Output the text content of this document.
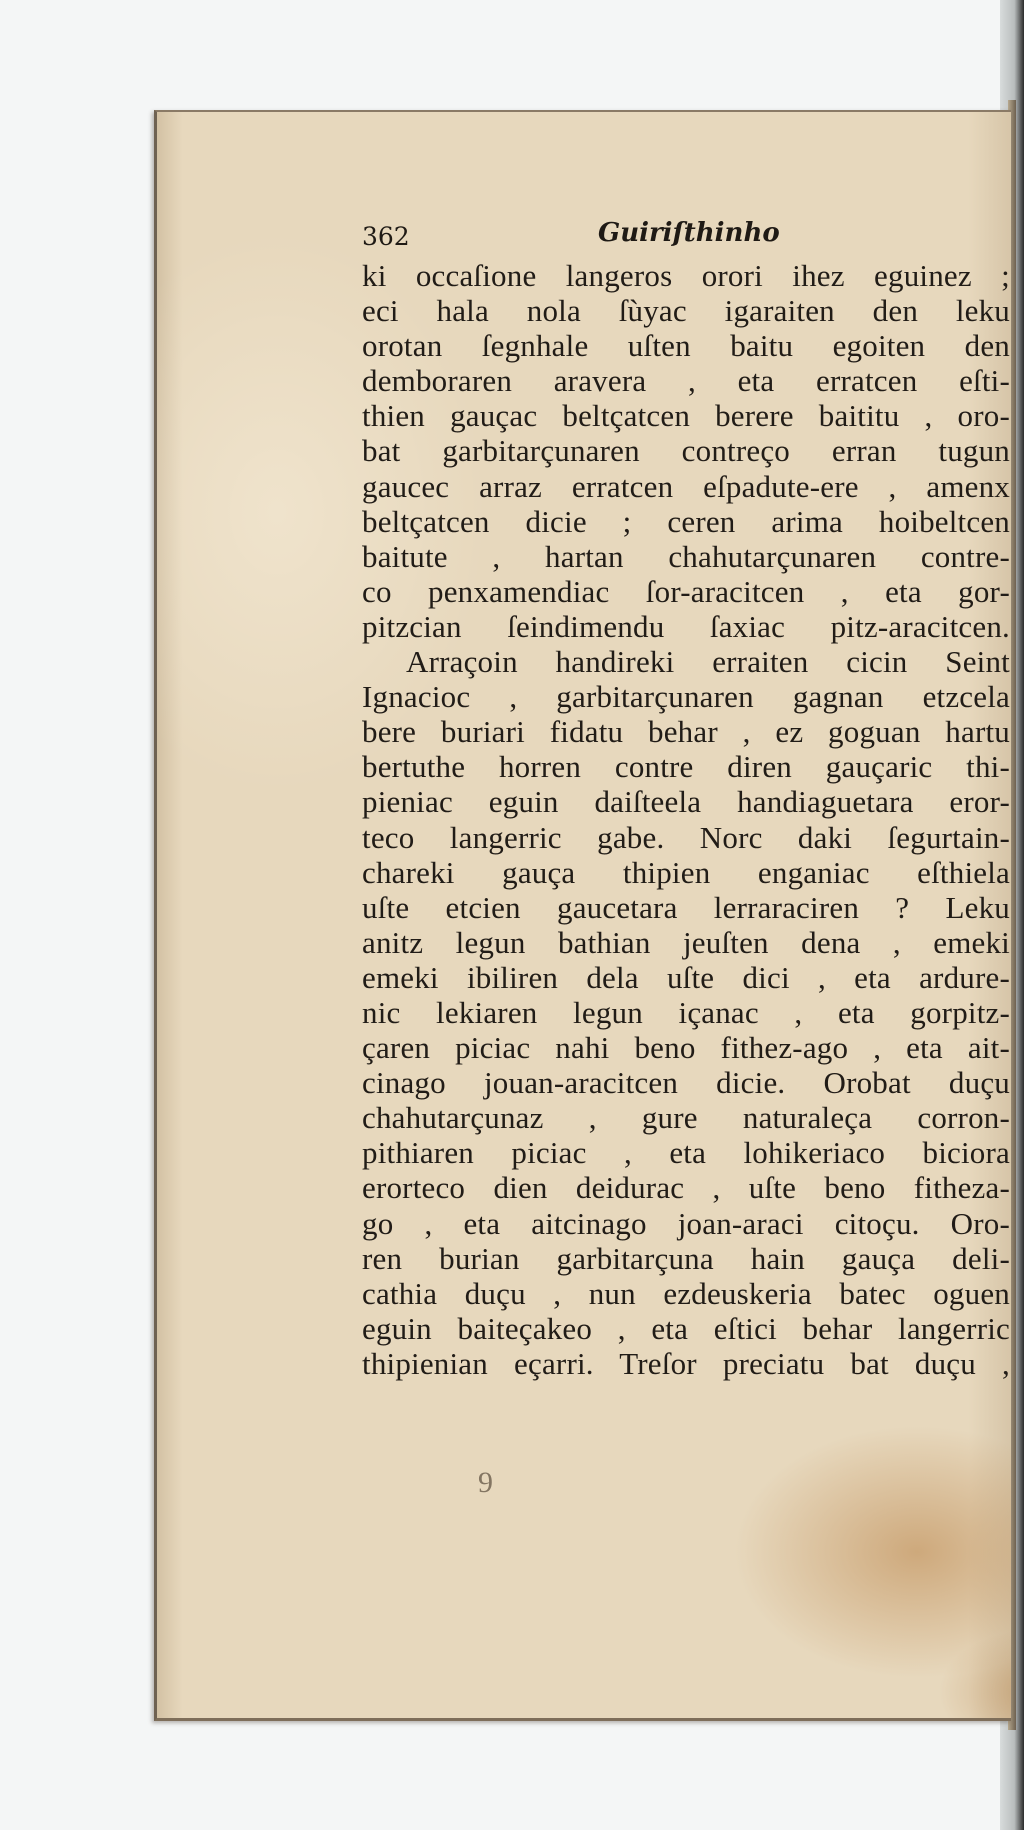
362	Guiriſthinho
ki occaſione langeros orori ihez eguinez ;
eci hala nola ſùyac igaraiten den leku
orotan ſegnhale uſten baitu egoiten den
demboraren aravera , eta erratcen eſti-
thien gauçac beltçatcen berere baititu , oro-
bat garbitarçunaren contreço erran tugun
gaucec arraz erratcen eſpadute-ere , amenx
beltçatcen dicie ; ceren arima hoibeltcen
baitute , hartan chahutarçunaren contre-
co penxamendiac ſor-aracitcen , eta gor-
pitzcian ſeindimendu ſaxiac pitz-aracitcen.
Arraçoin handireki erraiten cicin Seint
Ignacioc , garbitarçunaren gagnan etzcela
bere buriari fidatu behar , ez goguan hartu
bertuthe horren contre diren gauçaric thi-
pieniac eguin daiſteela handiaguetara eror-
teco langerric gabe. Norc daki ſegurtain-
chareki gauça thipien enganiac eſthiela
uſte etcien gaucetara lerraraciren ? Leku
anitz legun bathian jeuſten dena , emeki
emeki ibiliren dela uſte dici , eta ardure-
nic lekiaren legun içanac , eta gorpitz-
çaren piciac nahi beno fithez-ago , eta ait-
cinago jouan-aracitcen dicie. Orobat duçu
chahutarçunaz , gure naturaleça corron-
pithiaren piciac , eta lohikeriaco biciora
erorteco dien deidurac , uſte beno fitheza-
go , eta aitcinago joan-araci citoçu. Oro-
ren burian garbitarçuna hain gauça deli-
cathia duçu , nun ezdeuskeria batec oguen
eguin baiteçakeo , eta eſtici behar langerric
thipienian eçarri. Treſor preciatu bat duçu ,
9
